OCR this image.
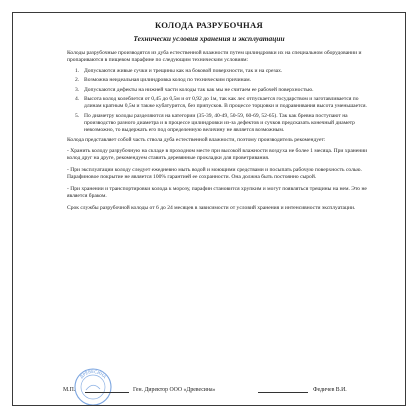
КОЛОДА РАЗРУБОЧНАЯ
Технически условия хранения и эксплуатации

Колоды разрубочные производятся из дуба естественной влажности путем цилиндровки их на специальном оборудовании и пропариваются в пищевом парафине по следующим техническим условиям:

1. Допускаются живые сучки и трещины как на боковой поверхности, так и на срезах.
2. Возможна неидеальная цилиндровка колод по техническим причинам.
3. Допускаются дефекты на нижней части колоды так как мы не считаем ее рабочей поверхностью.
4. Высота колод колеблется от 0,45 до 0,5м и от 0,92 до 1м, так как лес отпускается государством и заготавливается по длинам кратным 0,5м и также кубатурится, без припусков. В процессе торцовки и подравнивания высота уменьшается.
5. По диаметру колоды разделяются на категории (35-39, 40-49, 50-59, 60-69, 52-65). Так как бревна поступают на производство разного диаметра и в процессе цилиндровки из-за дефектов и сучков предсказать конечный диаметр невозможно, то выдержать его под определенную величину не является возможным.

Колода представляет собой часть ствола дуба естественной влажности, поэтому производитель рекомендует:

- Хранить колоду разрубочную на складе в проходном месте при высокой влажности воздуха не более 1 месяца. При хранении колод друг на друге, рекомендуем ставить деревянные прокладки для проветривания.

- При эксплуатации колоду следует ежедневно мыть водой и моющими средствами и посыпать рабочую поверхность солью. Парафиновое покрытие не является 100% гарантией ее сохранности. Она должна быть постоянно сырой.

- При хранении и транспортировки колода к морозу, парафин становится хрупким и могут появляться трещины на нем. Это не является браком.

Срок службы разрубочной колоды от 6 до 24 месяцев в зависимости от условий хранения и интенсивности эксплуатации.

ДРЕВЕСИНА
М.П.	Ген. Директор ООО «Древесина»	Федичев В.И.
